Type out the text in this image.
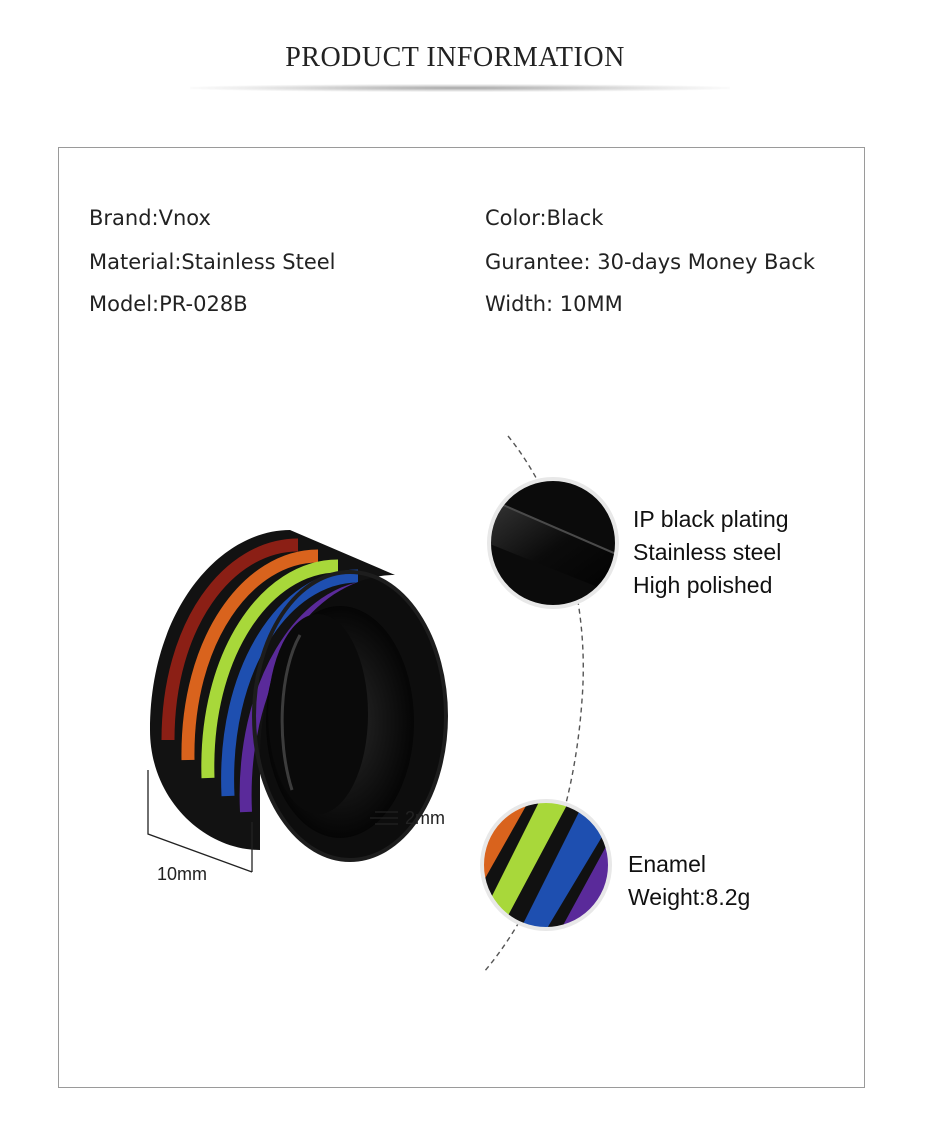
PRODUCT INFORMATION
Brand:Vnox
Material:Stainless Steel
Model:PR-028B
Color:Black
Gurantee: 30-days Money Back
Width: 10MM
IP black plating
Stainless steel
High polished
Enamel
Weight:8.2g
2mm
10mm
